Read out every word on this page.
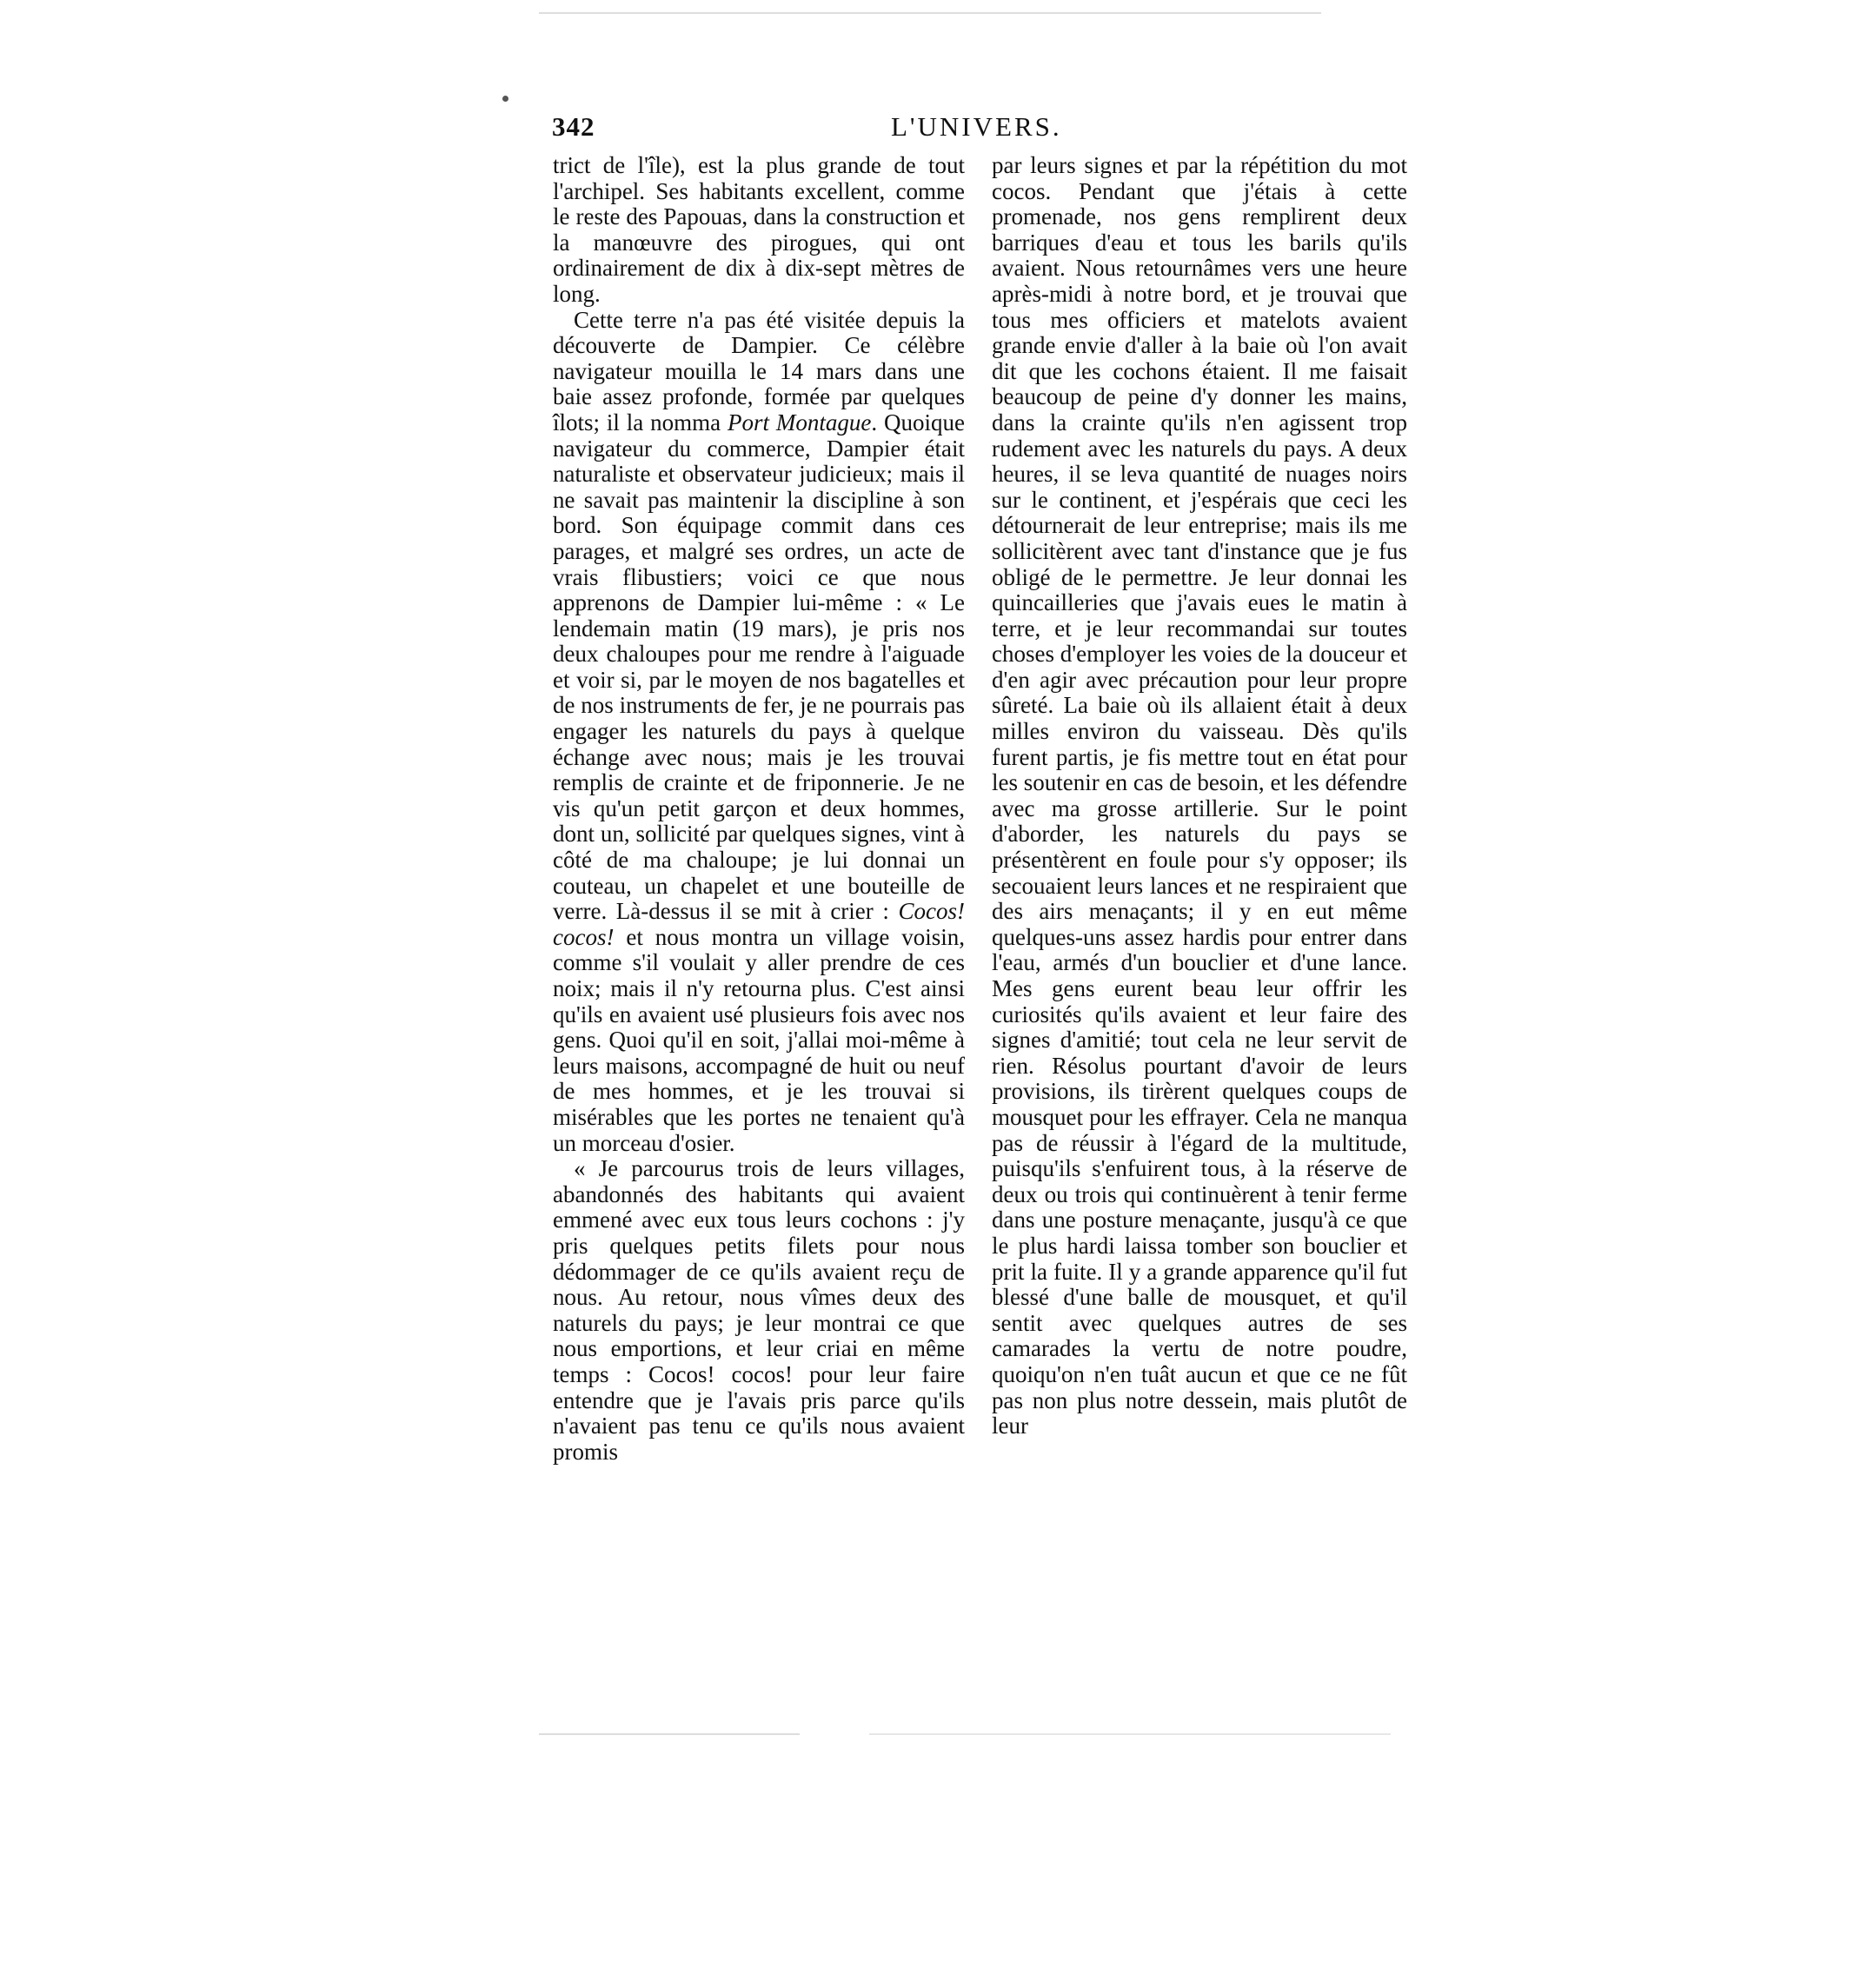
342	L'UNIVERS.

trict de l'île), est la plus grande de tout l'archipel. Ses habitants excellent, comme le reste des Papouas, dans la construction et la manœuvre des pirogues, qui ont ordinairement de dix à dix-sept mètres de long.

Cette terre n'a pas été visitée depuis la découverte de Dampier. Ce célèbre navigateur mouilla le 14 mars dans une baie assez profonde, formée par quelques îlots; il la nomma Port Montague. Quoique navigateur du commerce, Dampier était naturaliste et observateur judicieux; mais il ne savait pas maintenir la discipline à son bord. Son équipage commit dans ces parages, et malgré ses ordres, un acte de vrais flibustiers; voici ce que nous apprenons de Dampier lui-même : « Le lendemain matin (19 mars), je pris nos deux chaloupes pour me rendre à l'aiguade et voir si, par le moyen de nos bagatelles et de nos instruments de fer, je ne pourrais pas engager les naturels du pays à quelque échange avec nous; mais je les trouvai remplis de crainte et de friponnerie. Je ne vis qu'un petit garçon et deux hommes, dont un, sollicité par quelques signes, vint à côté de ma chaloupe; je lui donnai un couteau, un chapelet et une bouteille de verre. Là-dessus il se mit à crier : Cocos! cocos! et nous montra un village voisin, comme s'il voulait y aller prendre de ces noix; mais il n'y retourna plus. C'est ainsi qu'ils en avaient usé plusieurs fois avec nos gens. Quoi qu'il en soit, j'allai moi-même à leurs maisons, accompagné de huit ou neuf de mes hommes, et je les trouvai si misérables que les portes ne tenaient qu'à un morceau d'osier.

« Je parcourus trois de leurs villages, abandonnés des habitants qui avaient emmené avec eux tous leurs cochons : j'y pris quelques petits filets pour nous dédommager de ce qu'ils avaient reçu de nous. Au retour, nous vîmes deux des naturels du pays; je leur montrai ce que nous emportions, et leur criai en même temps : Cocos! cocos! pour leur faire entendre que je l'avais pris parce qu'ils n'avaient pas tenu ce qu'ils nous avaient promis

par leurs signes et par la répétition du mot cocos. Pendant que j'étais à cette promenade, nos gens remplirent deux barriques d'eau et tous les barils qu'ils avaient. Nous retournâmes vers une heure après-midi à notre bord, et je trouvai que tous mes officiers et matelots avaient grande envie d'aller à la baie où l'on avait dit que les cochons étaient. Il me faisait beaucoup de peine d'y donner les mains, dans la crainte qu'ils n'en agissent trop rudement avec les naturels du pays. A deux heures, il se leva quantité de nuages noirs sur le continent, et j'espérais que ceci les détournerait de leur entreprise; mais ils me sollicitèrent avec tant d'instance que je fus obligé de le permettre. Je leur donnai les quincailleries que j'avais eues le matin à terre, et je leur recommandai sur toutes choses d'employer les voies de la douceur et d'en agir avec précaution pour leur propre sûreté. La baie où ils allaient était à deux milles environ du vaisseau. Dès qu'ils furent partis, je fis mettre tout en état pour les soutenir en cas de besoin, et les défendre avec ma grosse artillerie. Sur le point d'aborder, les naturels du pays se présentèrent en foule pour s'y opposer; ils secouaient leurs lances et ne respiraient que des airs menaçants; il y en eut même quelques-uns assez hardis pour entrer dans l'eau, armés d'un bouclier et d'une lance. Mes gens eurent beau leur offrir les curiosités qu'ils avaient et leur faire des signes d'amitié; tout cela ne leur servit de rien. Résolus pourtant d'avoir de leurs provisions, ils tirèrent quelques coups de mousquet pour les effrayer. Cela ne manqua pas de réussir à l'égard de la multitude, puisqu'ils s'enfuirent tous, à la réserve de deux ou trois qui continuèrent à tenir ferme dans une posture menaçante, jusqu'à ce que le plus hardi laissa tomber son bouclier et prit la fuite. Il y a grande apparence qu'il fut blessé d'une balle de mousquet, et qu'il sentit avec quelques autres de ses camarades la vertu de notre poudre, quoiqu'on n'en tuât aucun et que ce ne fût pas non plus notre dessein, mais plutôt de leur
